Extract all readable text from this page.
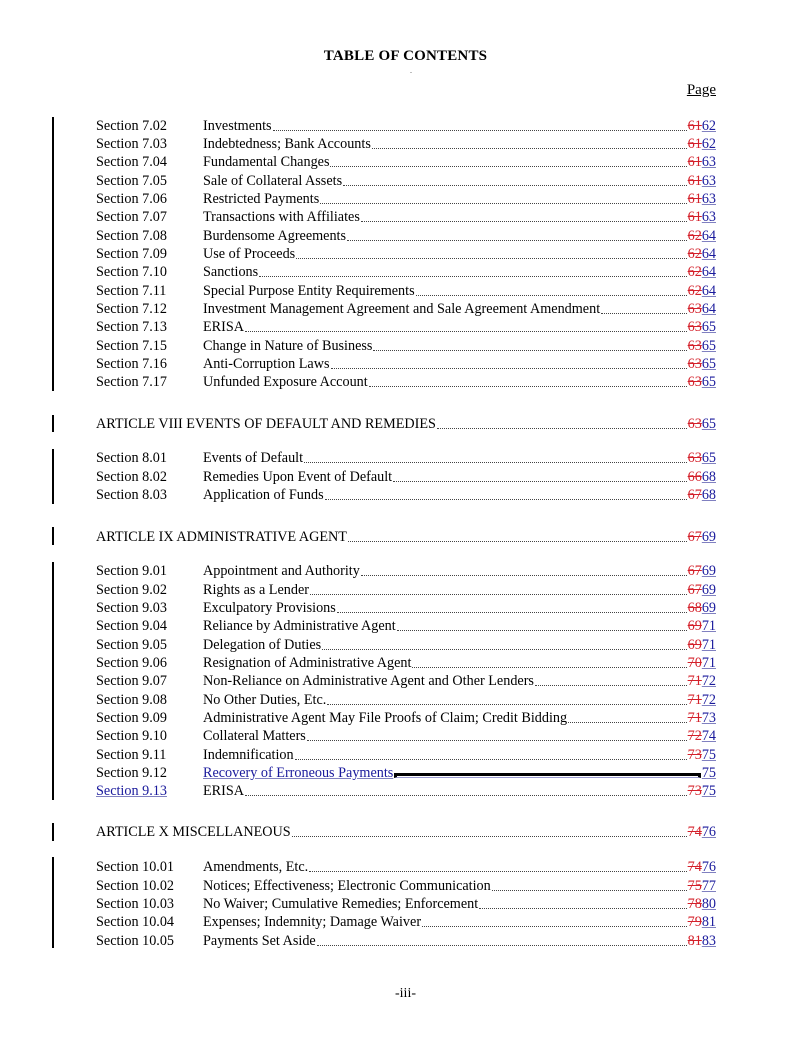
TABLE OF CONTENTS
.
Page
Section 7.02	Investments	6162
Section 7.03	Indebtedness; Bank Accounts	6162
Section 7.04	Fundamental Changes	6163
Section 7.05	Sale of Collateral Assets	6163
Section 7.06	Restricted Payments	6163
Section 7.07	Transactions with Affiliates	6163
Section 7.08	Burdensome Agreements	6264
Section 7.09	Use of Proceeds	6264
Section 7.10	Sanctions	6264
Section 7.11	Special Purpose Entity Requirements	6264
Section 7.12	Investment Management Agreement and Sale Agreement Amendment	6364
Section 7.13	ERISA	6365
Section 7.15	Change in Nature of Business	6365
Section 7.16	Anti-Corruption Laws	6365
Section 7.17	Unfunded Exposure Account	6365
ARTICLE VIII EVENTS OF DEFAULT AND REMEDIES	6365
Section 8.01	Events of Default	6365
Section 8.02	Remedies Upon Event of Default	6668
Section 8.03	Application of Funds	6768
ARTICLE IX ADMINISTRATIVE AGENT	6769
Section 9.01	Appointment and Authority	6769
Section 9.02	Rights as a Lender	6769
Section 9.03	Exculpatory Provisions	6869
Section 9.04	Reliance by Administrative Agent	6971
Section 9.05	Delegation of Duties	6971
Section 9.06	Resignation of Administrative Agent	7071
Section 9.07	Non-Reliance on Administrative Agent and Other Lenders	7172
Section 9.08	No Other Duties, Etc.	7172
Section 9.09	Administrative Agent May File Proofs of Claim; Credit Bidding	7173
Section 9.10	Collateral Matters	7274
Section 9.11	Indemnification	7375
Section 9.12	Recovery of Erroneous Payments	75
Section 9.13	ERISA	7375
ARTICLE X MISCELLANEOUS	7476
Section 10.01	Amendments, Etc.	7476
Section 10.02	Notices; Effectiveness; Electronic Communication	7577
Section 10.03	No Waiver; Cumulative Remedies; Enforcement	7880
Section 10.04	Expenses; Indemnity; Damage Waiver	7981
Section 10.05	Payments Set Aside	8183
-iii-
